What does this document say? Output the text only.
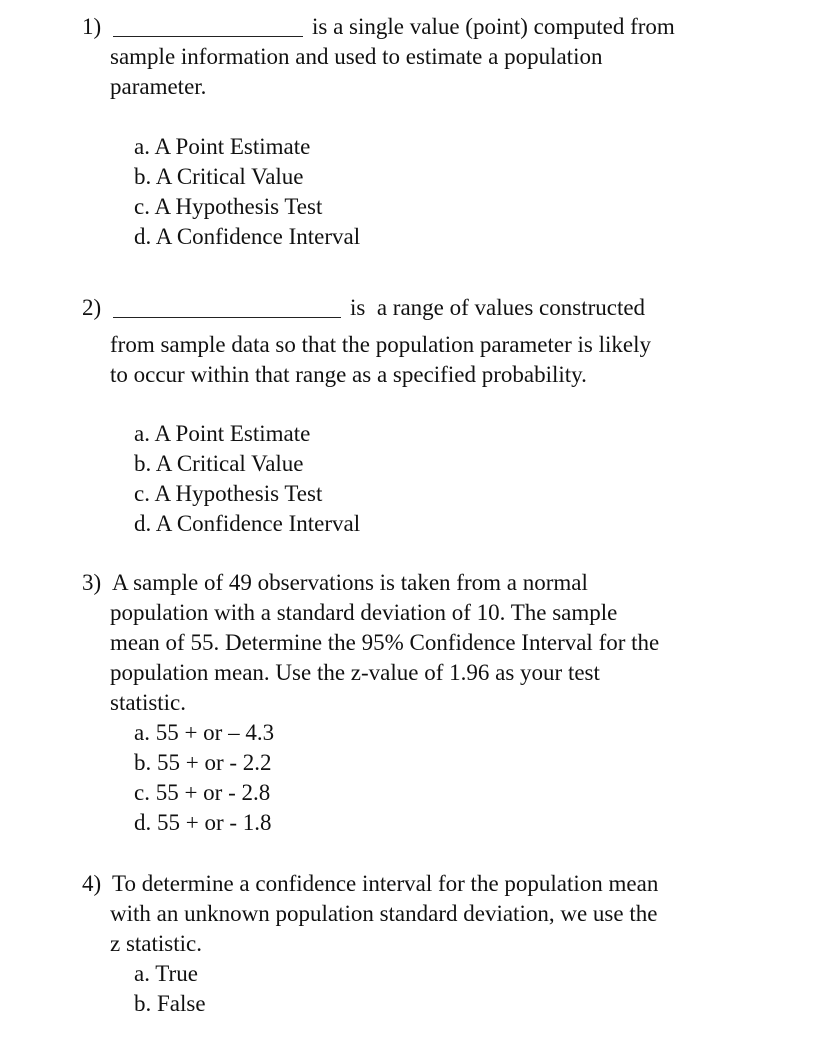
1)	is a single value (point) computed from
sample information and used to estimate a population
parameter.
a. A Point Estimate
b. A Critical Value
c. A Hypothesis Test
d. A Confidence Interval
2)	is  a range of values constructed
from sample data so that the population parameter is likely
to occur within that range as a specified probability.
a. A Point Estimate
b. A Critical Value
c. A Hypothesis Test
d. A Confidence Interval
3) A sample of 49 observations is taken from a normal
population with a standard deviation of 10. The sample
mean of 55. Determine the 95% Confidence Interval for the
population mean. Use the z-value of 1.96 as your test
statistic.
a. 55 + or – 4.3
b. 55 + or - 2.2
c. 55 + or - 2.8
d. 55 + or - 1.8
4) To determine a confidence interval for the population mean
with an unknown population standard deviation, we use the
z statistic.
a. True
b. False
